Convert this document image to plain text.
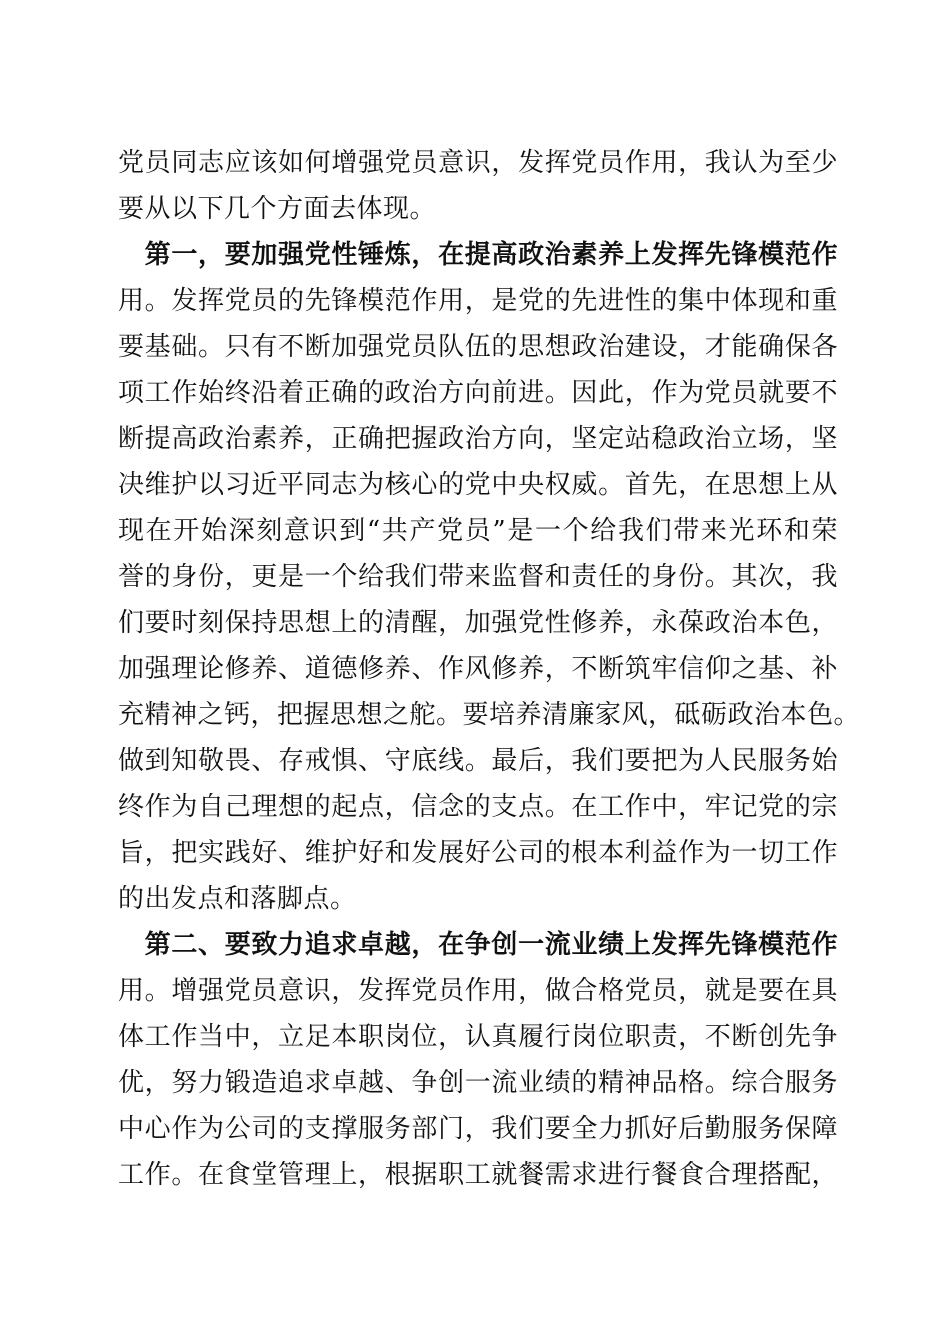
党员同志应该如何增强党员意识，发挥党员作用，我认为至少
要从以下几个方面去体现。
　第一，要加强党性锤炼，在提高政治素养上发挥先锋模范作
用。发挥党员的先锋模范作用，是党的先进性的集中体现和重
要基础。只有不断加强党员队伍的思想政治建设，才能确保各
项工作始终沿着正确的政治方向前进。因此，作为党员就要不
断提高政治素养，正确把握政治方向，坚定站稳政治立场，坚
决维护以习近平同志为核心的党中央权威。首先，在思想上从
现在开始深刻意识到“共产党员”是一个给我们带来光环和荣
誉的身份，更是一个给我们带来监督和责任的身份。其次，我
们要时刻保持思想上的清醒，加强党性修养，永葆政治本色，
加强理论修养、道德修养、作风修养，不断筑牢信仰之基、补
充精神之钙，把握思想之舵。要培养清廉家风，砥砺政治本色。
做到知敬畏、存戒惧、守底线。最后，我们要把为人民服务始
终作为自己理想的起点，信念的支点。在工作中，牢记党的宗
旨，把实践好、维护好和发展好公司的根本利益作为一切工作
的出发点和落脚点。
　第二、要致力追求卓越，在争创一流业绩上发挥先锋模范作
用。增强党员意识，发挥党员作用，做合格党员，就是要在具
体工作当中，立足本职岗位，认真履行岗位职责，不断创先争
优，努力锻造追求卓越、争创一流业绩的精神品格。综合服务
中心作为公司的支撑服务部门，我们要全力抓好后勤服务保障
工作。在食堂管理上，根据职工就餐需求进行餐食合理搭配，
